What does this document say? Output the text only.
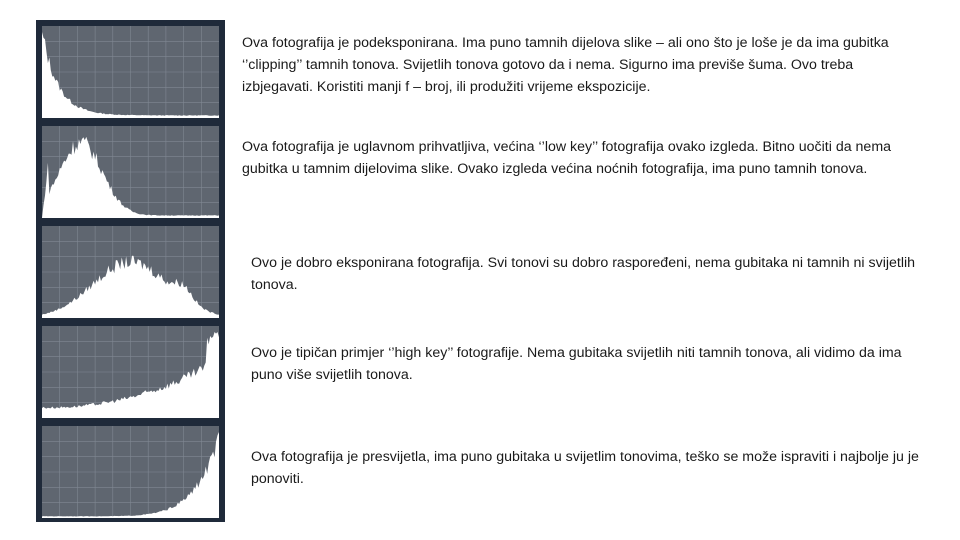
Ova fotografija je podeksponirana. Ima puno tamnih dijelova slike – ali ono što je loše je da ima gubitka ‘’clipping’’ tamnih tonova. Svijetlih tonova gotovo da i nema. Sigurno ima previše šuma. Ovo treba izbjegavati. Koristiti manji f – broj, ili produžiti vrijeme ekspozicije.

Ova fotografija je uglavnom prihvatljiva, većina ‘’low key’’ fotografija ovako izgleda. Bitno uočiti da nema gubitka u tamnim dijelovima slike. Ovako izgleda većina noćnih fotografija, ima puno tamnih tonova.

Ovo je dobro eksponirana fotografija. Svi tonovi su dobro raspoređeni, nema gubitaka ni tamnih ni svijetlih tonova.

Ovo je tipičan primjer ‘’high key’’ fotografije. Nema gubitaka svijetlih niti tamnih tonova, ali vidimo da ima puno više svijetlih tonova.

Ova fotografija je presvijetla, ima puno gubitaka u svijetlim tonovima, teško se može ispraviti i najbolje ju je ponoviti.
